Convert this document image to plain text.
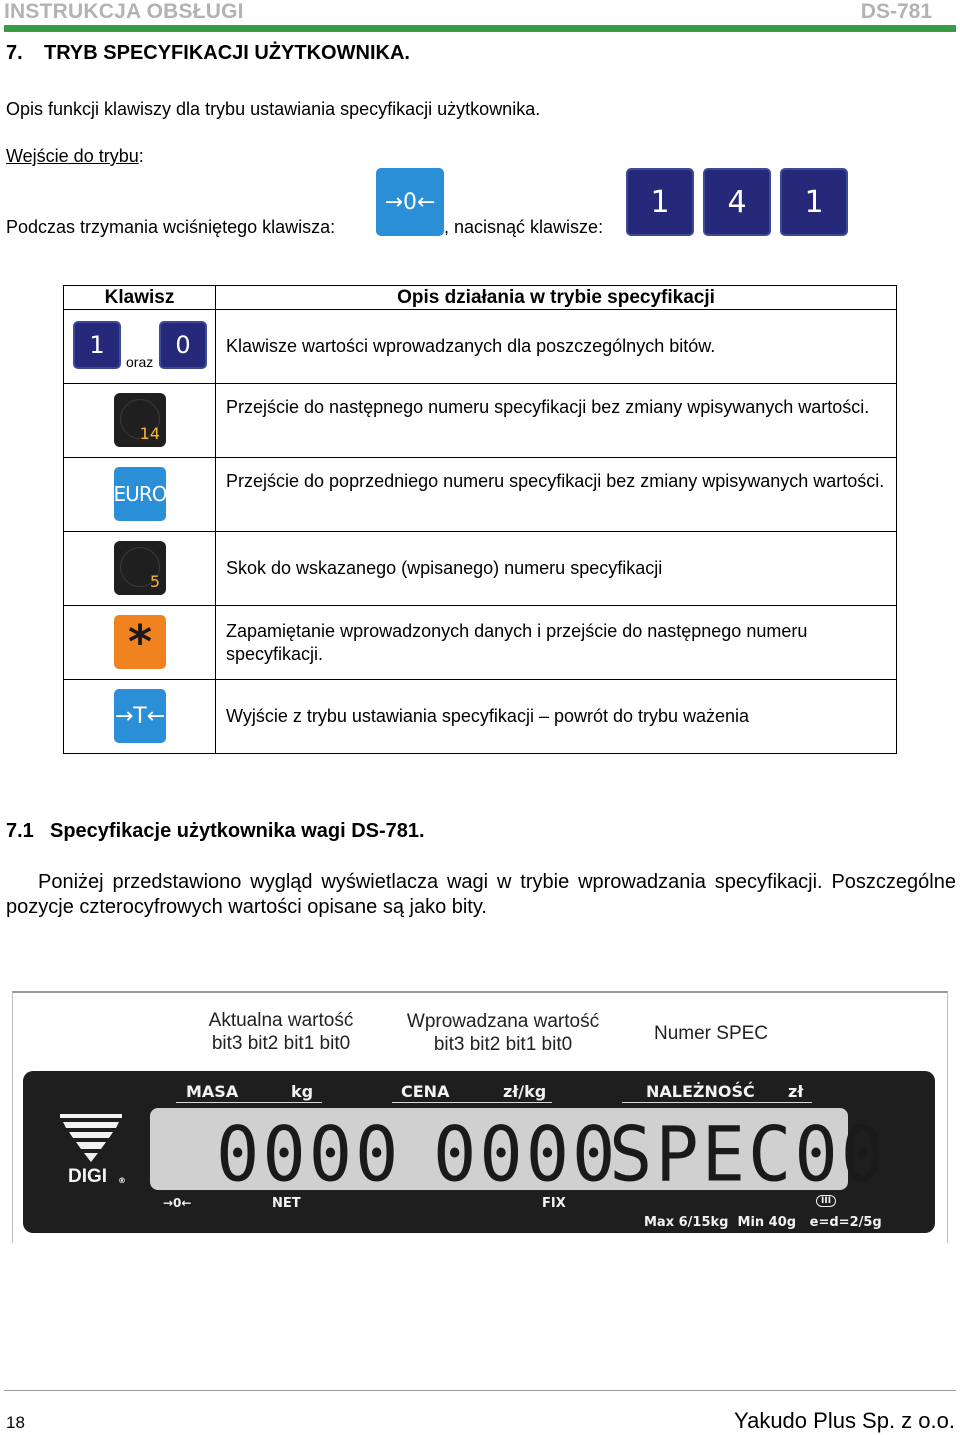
INSTRUKCJA OBSŁUGI	DS-781
7. TRYB SPECYFIKACJI UŻYTKOWNIKA.
Opis funkcji klawiszy dla trybu ustawiania specyfikacji użytkownika.
Wejście do trybu:
Podczas trzymania wciśniętego klawisza:
→0←
, nacisnąć klawisze:
1 4 1
Klawisz	Opis działania w trybie specyfikacji

1
oraz
0	Klawisze wartości wprowadzanych dla poszczególnych bitów.

14	Przejście do następnego numeru specyfikacji bez zmiany wpisywanych wartości.

EURO	Przejście do poprzedniego numeru specyfikacji bez zmiany wpisywanych wartości.

5	Skok do wskazanego (wpisanego) numeru specyfikacji

*	Zapamiętanie wprowadzonych danych i przejście do następnego numeru specyfikacji.

→T←	Wyjście z trybu ustawiania specyfikacji – powrót do trybu ważenia
7.1 Specyfikacje użytkownika wagi DS-781.
Poniżej przedstawiono wygląd wyświetlacza wagi w trybie wprowadzania specyfikacji. Poszczególne pozycje czterocyfrowych wartości opisane są jako bity.
Aktualna wartość
bit3 bit2 bit1 bit0
Wprowadzana wartość
bit3 bit2 bit1 bit0
Numer SPEC
MASA	kg	CENA	zł/kg	NALEŻNOŚĆ zł
DIGI ® 0000 0000
SPEC00
→0←	NET	FIX	III
Max 6/15kg  Min 40g   e=d=2/5g
18	Yakudo Plus Sp. z o.o.
